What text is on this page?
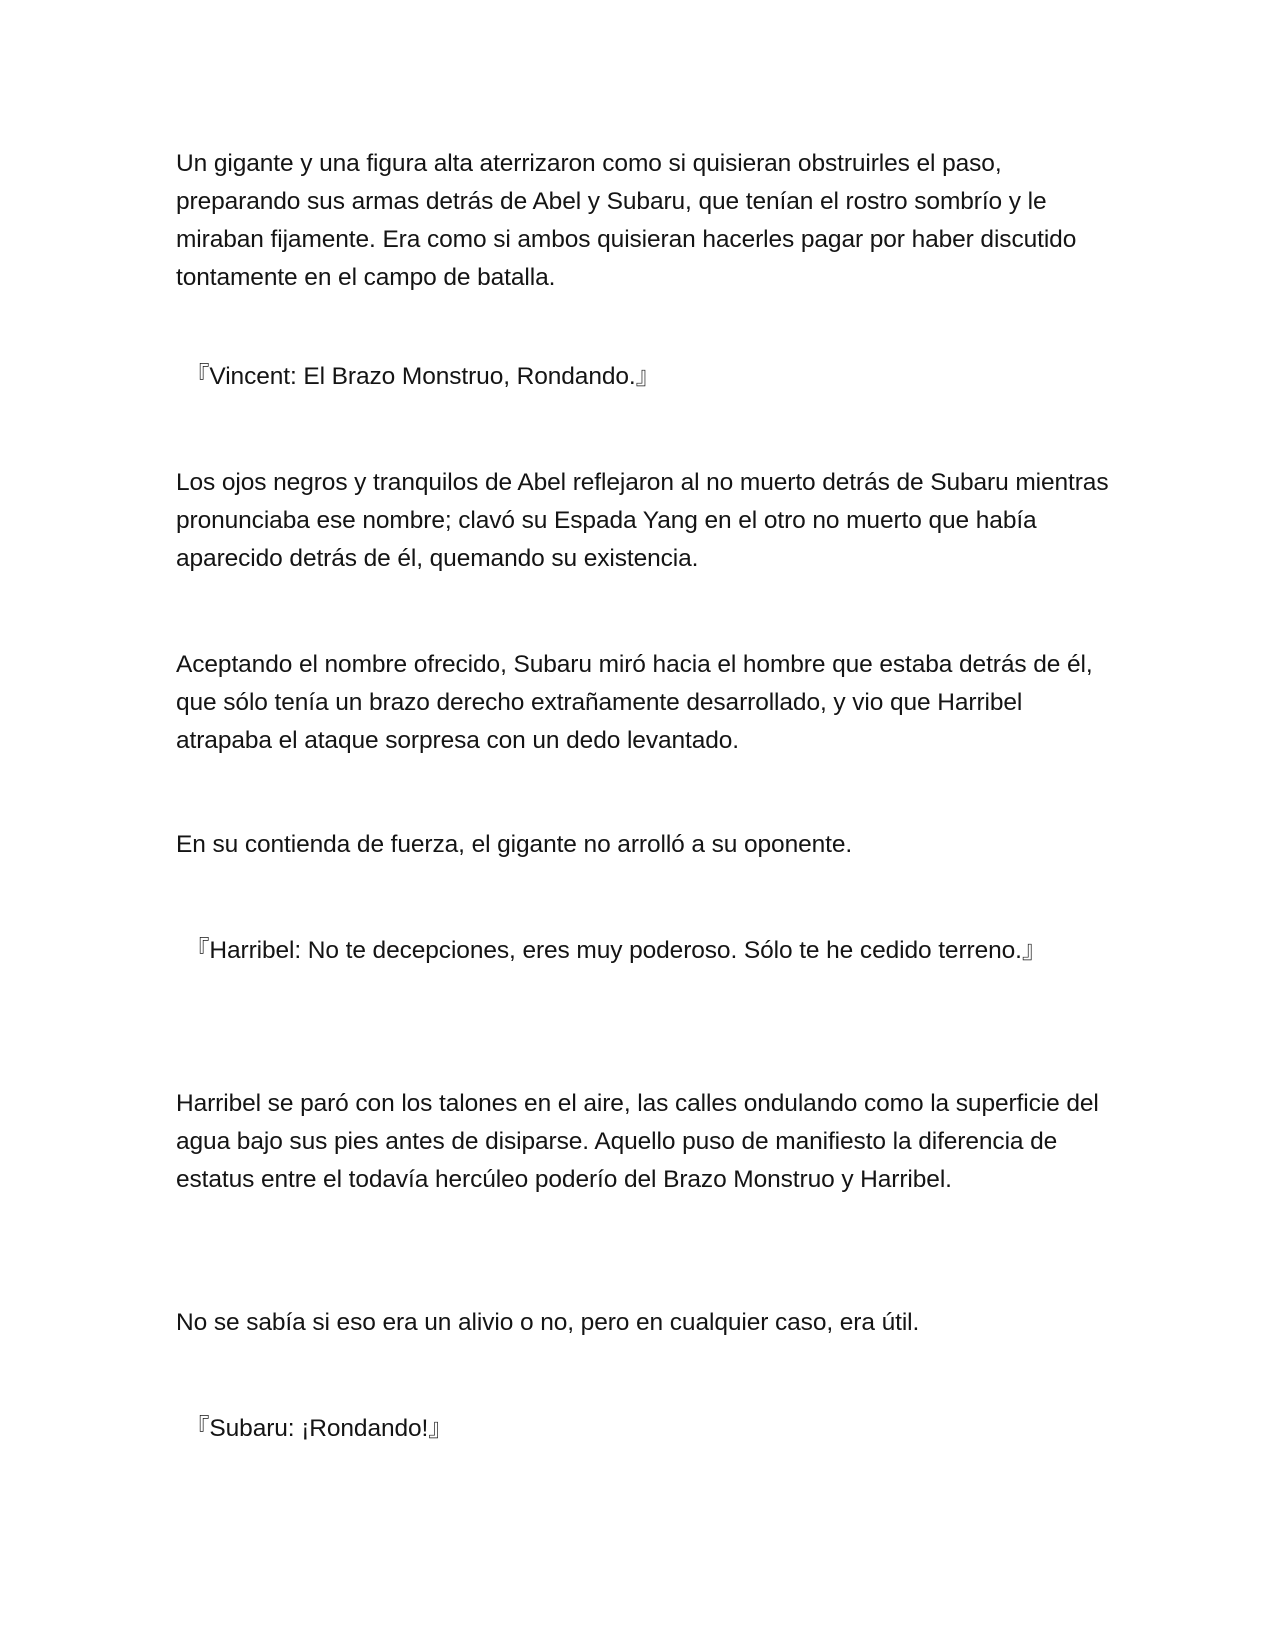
Un gigante y una figura alta aterrizaron como si quisieran obstruirles el paso, preparando sus armas detrás de Abel y Subaru, que tenían el rostro sombrío y le miraban fijamente. Era como si ambos quisieran hacerles pagar por haber discutido tontamente en el campo de batalla.

『Vincent: El Brazo Monstruo, Rondando.』

Los ojos negros y tranquilos de Abel reflejaron al no muerto detrás de Subaru mientras pronunciaba ese nombre; clavó su Espada Yang en el otro no muerto que había aparecido detrás de él, quemando su existencia.

Aceptando el nombre ofrecido, Subaru miró hacia el hombre que estaba detrás de él, que sólo tenía un brazo derecho extrañamente desarrollado, y vio que Harribel atrapaba el ataque sorpresa con un dedo levantado.

En su contienda de fuerza, el gigante no arrolló a su oponente.

『Harribel: No te decepciones, eres muy poderoso. Sólo te he cedido terreno.』

Harribel se paró con los talones en el aire, las calles ondulando como la superficie del agua bajo sus pies antes de disiparse. Aquello puso de manifiesto la diferencia de estatus entre el todavía hercúleo poderío del Brazo Monstruo y Harribel.

No se sabía si eso era un alivio o no, pero en cualquier caso, era útil.

『Subaru: ¡Rondando!』
